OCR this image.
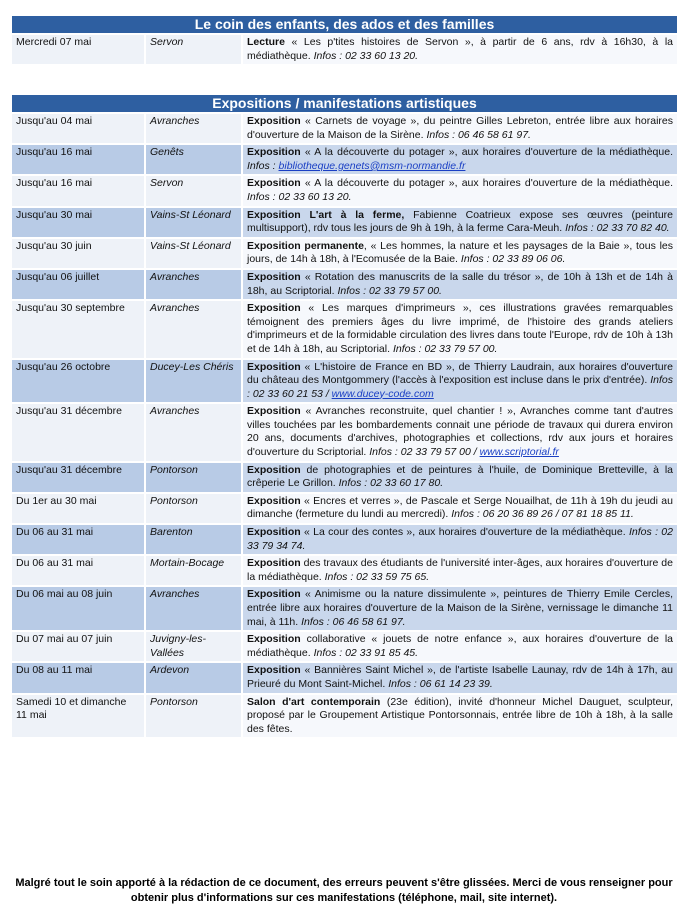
Le coin des enfants, des ados et des familles
Mercredi 07 mai	Servon	Lecture « Les p'tites histoires de Servon », à partir de 6 ans, rdv à 16h30, à la médiathèque. Infos : 02 33 60 13 20.
Expositions / manifestations artistiques
Jusqu'au 04 mai	Avranches	Exposition « Carnets de voyage », du peintre Gilles Lebreton, entrée libre aux horaires d'ouverture de la Maison de la Sirène. Infos : 06 46 58 61 97.
Jusqu'au 16 mai	Genêts	Exposition « A la découverte du potager », aux horaires d'ouverture de la médiathèque. Infos : bibliotheque.genets@msm-normandie.fr
Jusqu'au 16 mai	Servon	Exposition « A la découverte du potager », aux horaires d'ouverture de la médiathèque. Infos : 02 33 60 13 20.
Jusqu'au 30 mai	Vains-St Léonard	Exposition L'art à la ferme, Fabienne Coatrieux expose ses œuvres (peinture multisupport), rdv tous les jours de 9h à 19h, à la ferme Cara-Meuh. Infos : 02 33 70 82 40.
Jusqu'au 30 juin	Vains-St Léonard	Exposition permanente, « Les hommes, la nature et les paysages de la Baie », tous les jours, de 14h à 18h, à l'Ecomusée de la Baie. Infos : 02 33 89 06 06.
Jusqu'au 06 juillet	Avranches	Exposition « Rotation des manuscrits de la salle du trésor », de 10h à 13h et de 14h à 18h, au Scriptorial. Infos : 02 33 79 57 00.
Jusqu'au 30 septembre	Avranches	Exposition « Les marques d'imprimeurs », ces illustrations gravées remarquables témoignent des premiers âges du livre imprimé, de l'histoire des grands ateliers d'imprimeurs et de la formidable circulation des livres dans toute l'Europe, rdv de 10h à 13h et de 14h à 18h, au Scriptorial. Infos : 02 33 79 57 00.
Jusqu'au 26 octobre	Ducey-Les Chéris	Exposition « L'histoire de France en BD », de Thierry Laudrain, aux horaires d'ouverture du château des Montgommery (l'accès à l'exposition est incluse dans le prix d'entrée). Infos : 02 33 60 21 53 / www.ducey-code.com
Jusqu'au 31 décembre	Avranches	Exposition « Avranches reconstruite, quel chantier ! », Avranches comme tant d'autres villes touchées par les bombardements connait une période de travaux qui durera environ 20 ans, documents d'archives, photographies et collections, rdv aux jours et horaires d'ouverture du Scriptorial. Infos : 02 33 79 57 00 / www.scriptorial.fr
Jusqu'au 31 décembre	Pontorson	Exposition de photographies et de peintures à l'huile, de Dominique Bretteville, à la crêperie Le Grillon. Infos : 02 33 60 17 80.
Du 1er au 30 mai	Pontorson	Exposition « Encres et verres », de Pascale et Serge Nouailhat, de 11h à 19h du jeudi au dimanche (fermeture du lundi au mercredi). Infos : 06 20 36 89 26 / 07 81 18 85 11.
Du 06 au 31 mai	Barenton	Exposition « La cour des contes », aux horaires d'ouverture de la médiathèque. Infos : 02 33 79 34 74.
Du 06 au 31 mai	Mortain-Bocage	Exposition des travaux des étudiants de l'université inter-âges, aux horaires d'ouverture de la médiathèque. Infos : 02 33 59 75 65.
Du 06 mai au 08 juin	Avranches	Exposition « Animisme ou la nature dissimulente », peintures de Thierry Emile Cercles, entrée libre aux horaires d'ouverture de la Maison de la Sirène, vernissage le dimanche 11 mai, à 11h. Infos : 06 46 58 61 97.
Du 07 mai au 07 juin	Juvigny-les-Vallées	Exposition collaborative « jouets de notre enfance », aux horaires d'ouverture de la médiathèque. Infos : 02 33 91 85 45.
Du 08 au 11 mai	Ardevon	Exposition « Bannières Saint Michel », de l'artiste Isabelle Launay, rdv de 14h à 17h, au Prieuré du Mont Saint-Michel. Infos : 06 61 14 23 39.
Samedi 10 et dimanche 11 mai	Pontorson	Salon d'art contemporain (23e édition), invité d'honneur Michel Dauguet, sculpteur, proposé par le Groupement Artistique Pontorsonnais, entrée libre de 10h à 18h, à la salle des fêtes.
Malgré tout le soin apporté à la rédaction de ce document, des erreurs peuvent s'être glissées. Merci de vous renseigner pour obtenir plus d'informations sur ces manifestations (téléphone, mail, site internet).
